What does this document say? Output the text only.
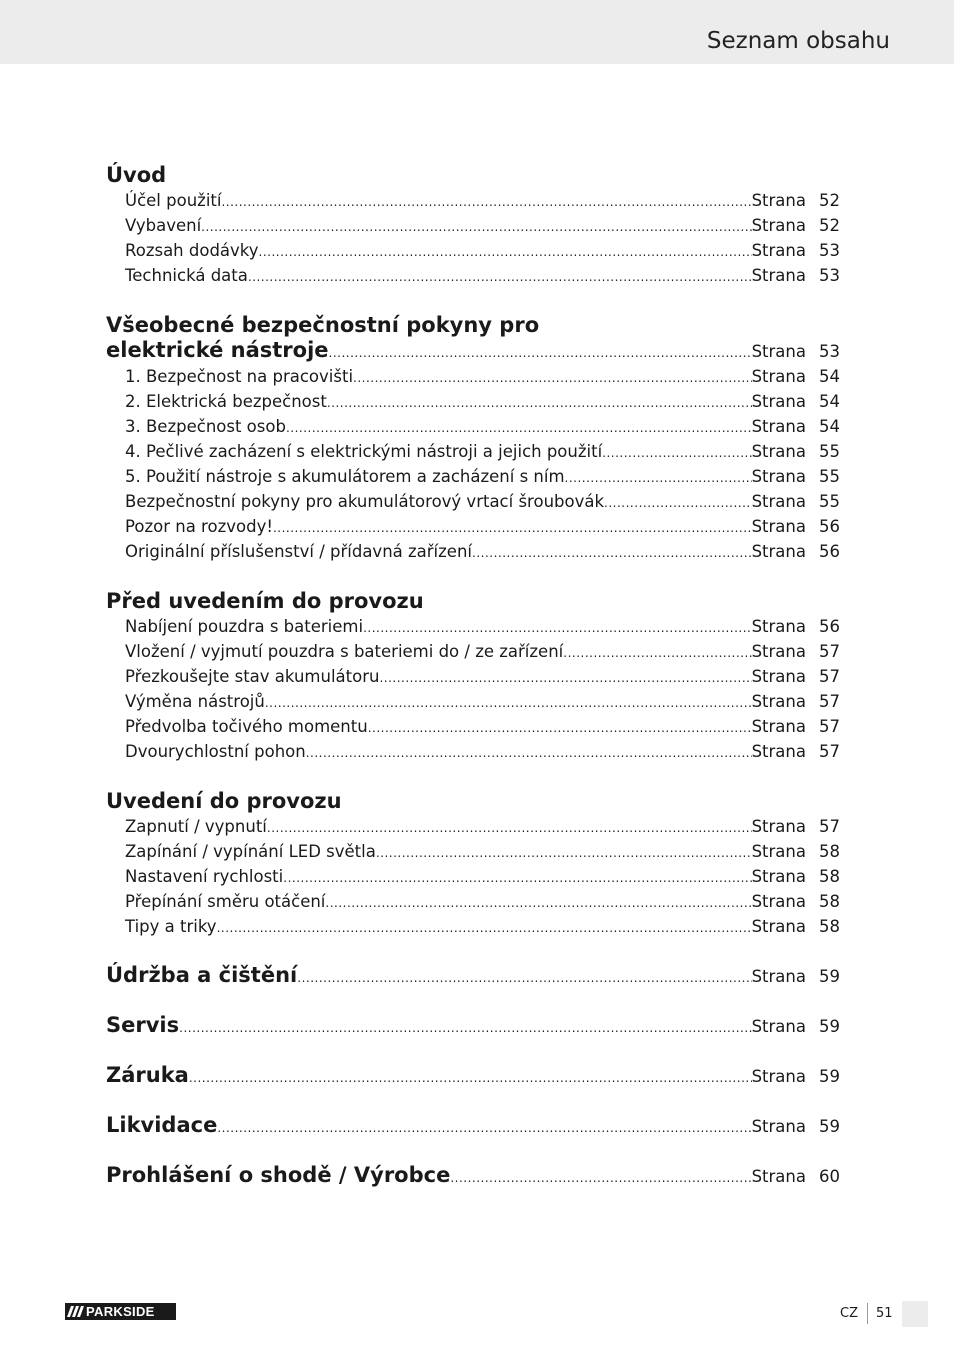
Seznam obsahu
Úvod
Účel použití .....	Strana 52
Vybavení .....	Strana 52
Rozsah dodávky .....	Strana 53
Technická data .....	Strana 53
Všeobecné bezpečnostní pokyny pro
elektrické nástroje .....	Strana 53
1. Bezpečnost na pracovišti .....	Strana 54
2. Elektrická bezpečnost .....	Strana 54
3. Bezpečnost osob .....	Strana 54
4. Pečlivé zacházení s elektrickými nástroji a jejich použití .....	Strana 55
5. Použití nástroje s akumulátorem a zacházení s ním .....	Strana 55
Bezpečnostní pokyny pro akumulátorový vrtací šroubovák .....	Strana 55
Pozor na rozvody! .....	Strana 56
Originální příslušenství / přídavná zařízení .....	Strana 56
Před uvedením do provozu
Nabíjení pouzdra s bateriemi .....	Strana 56
Vložení / vyjmutí pouzdra s bateriemi do / ze zařízení .....	Strana 57
Přezkoušejte stav akumulátoru .....	Strana 57
Výměna nástrojů .....	Strana 57
Předvolba točivého momentu .....	Strana 57
Dvourychlostní pohon .....	Strana 57
Uvedení do provozu
Zapnutí / vypnutí .....	Strana 57
Zapínání / vypínání LED světla .....	Strana 58
Nastavení rychlosti .....	Strana 58
Přepínání směru otáčení .....	Strana 58
Tipy a triky .....	Strana 58
Údržba a čištění .....	Strana 59
Servis .....	Strana 59
Záruka .....	Strana 59
Likvidace .....	Strana 59
Prohlášení o shodě / Výrobce .....	Strana 60
PARKSIDE	CZ 51
